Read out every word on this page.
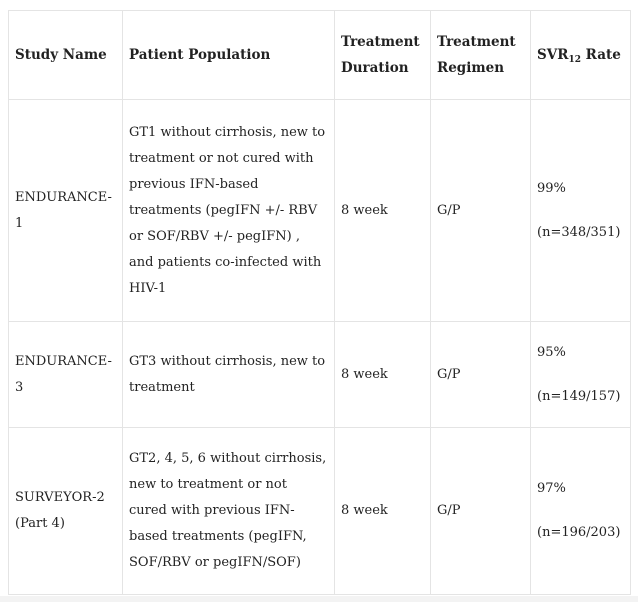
Study Name	Patient Population	Treatment Duration	Treatment Regimen	$SVR_{12}$ Rate
ENDURANCE-1	GT1 without cirrhosis, new to treatment or not cured with previous IFN-based treatments (pegIFN +/- RBV or SOF/RBV +/- pegIFN) , and patients co-infected with HIV-1	8 week	G/P	99%
(n=348/351)

ENDURANCE-3	GT3 without cirrhosis, new to treatment	8 week	G/P	95%
(n=149/157)

SURVEYOR-2 (Part 4)	GT2, 4, 5, 6 without cirrhosis, new to treatment or not cured with previous IFN-based treatments (pegIFN, SOF/RBV or pegIFN/SOF)	8 week	G/P	97%
(n=196/203)
